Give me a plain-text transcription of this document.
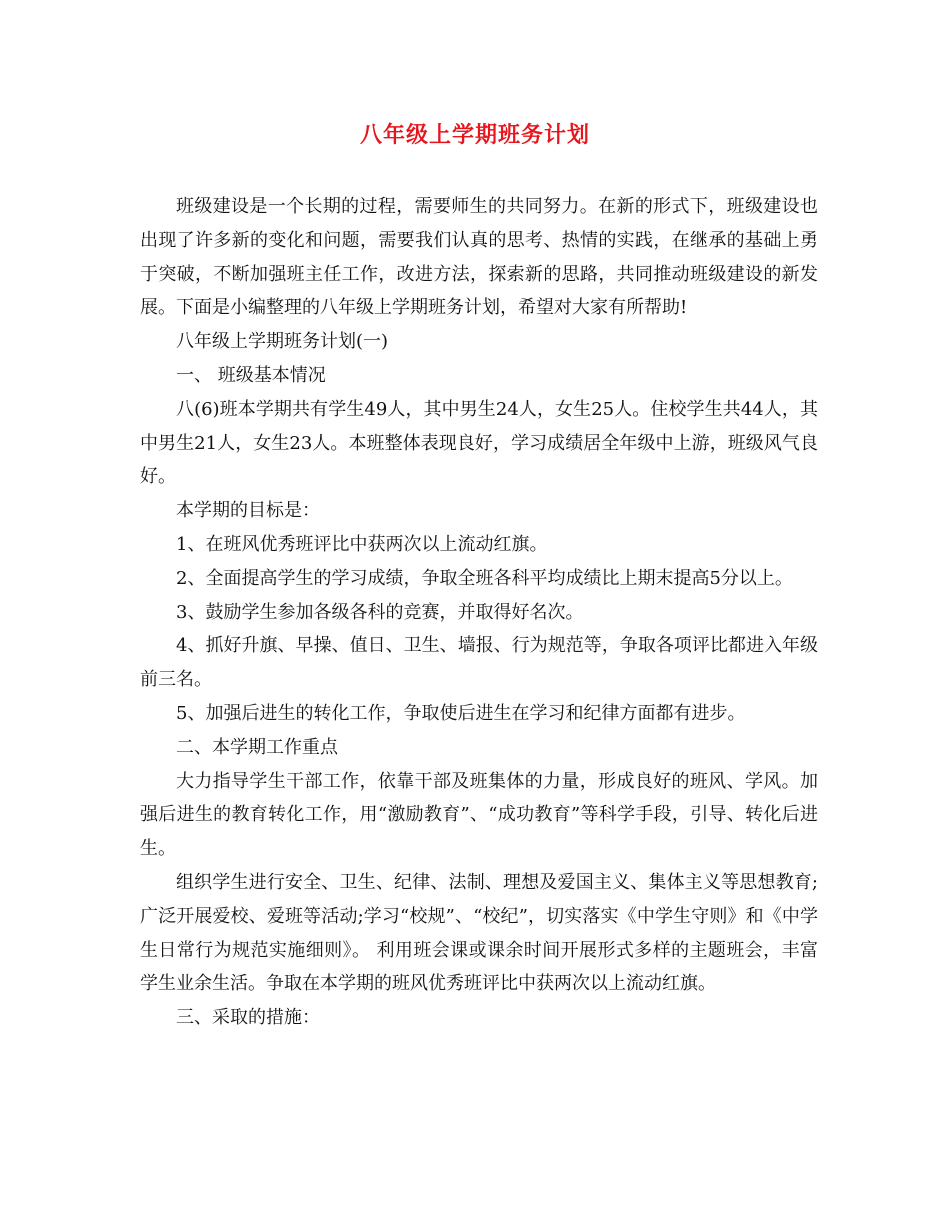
八年级上学期班务计划

班级建设是一个长期的过程，需要师生的共同努力。在新的形式下，班级建设也出现了许多新的变化和问题，需要我们认真的思考、热情的实践，在继承的基础上勇于突破，不断加强班主任工作，改进方法，探索新的思路，共同推动班级建设的新发展。下面是小编整理的八年级上学期班务计划，希望对大家有所帮助!

八年级上学期班务计划(一)

一、 班级基本情况

八(6)班本学期共有学生49人，其中男生24人，女生25人。住校学生共44人，其中男生21人，女生23人。本班整体表现良好，学习成绩居全年级中上游，班级风气良好。

本学期的目标是：

1、在班风优秀班评比中获两次以上流动红旗。

2、全面提高学生的学习成绩，争取全班各科平均成绩比上期末提高5分以上。

3、鼓励学生参加各级各科的竞赛，并取得好名次。

4、抓好升旗、早操、值日、卫生、墙报、行为规范等，争取各项评比都进入年级前三名。

5、加强后进生的转化工作，争取使后进生在学习和纪律方面都有进步。

二、本学期工作重点

大力指导学生干部工作，依靠干部及班集体的力量，形成良好的班风、学风。加强后进生的教育转化工作，用“激励教育”、“成功教育”等科学手段，引导、转化后进生。

组织学生进行安全、卫生、纪律、法制、理想及爱国主义、集体主义等思想教育;广泛开展爱校、爱班等活动;学习“校规”、“校纪”，切实落实《中学生守则》和《中学生日常行为规范实施细则》。 利用班会课或课余时间开展形式多样的主题班会，丰富学生业余生活。争取在本学期的班风优秀班评比中获两次以上流动红旗。

三、采取的措施：
